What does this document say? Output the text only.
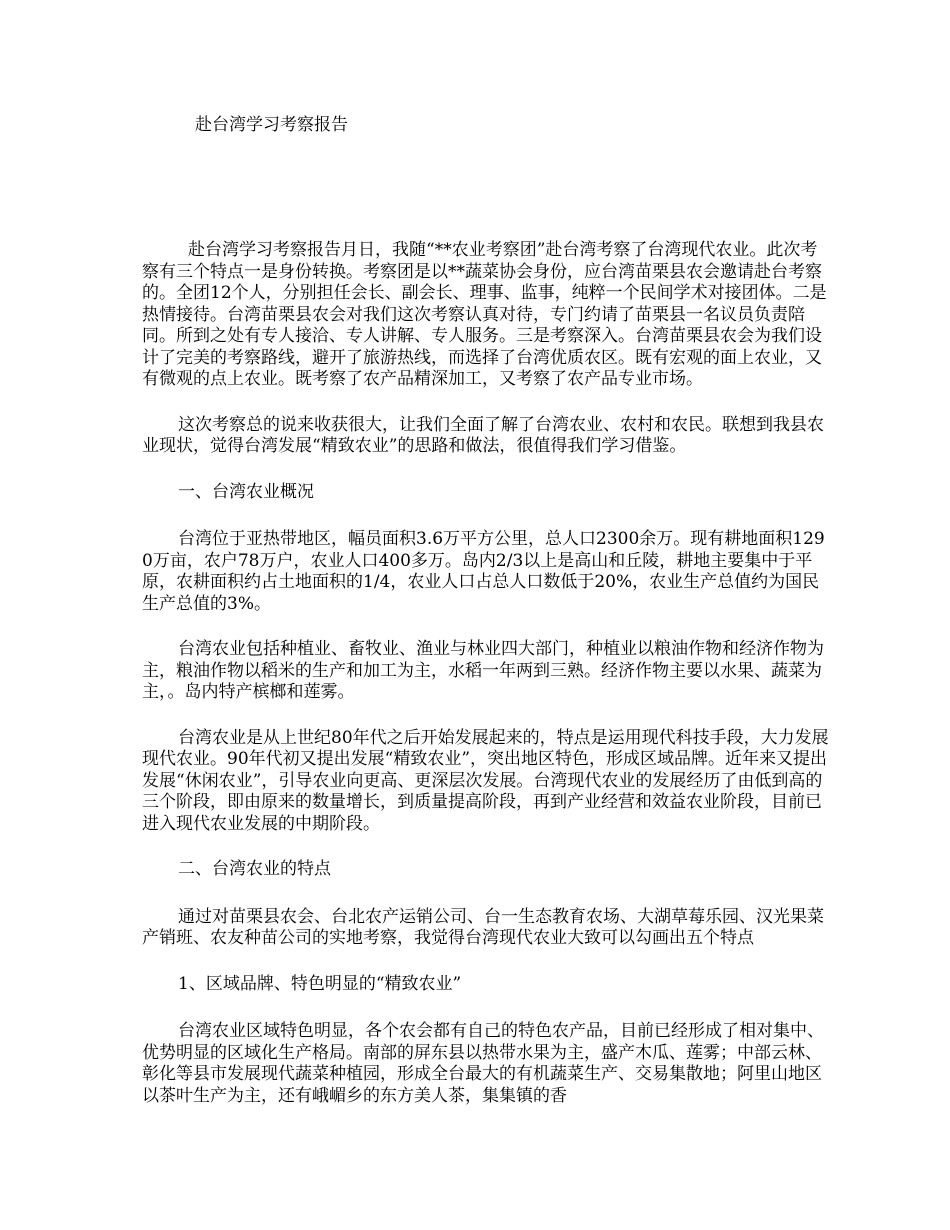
赴台湾学习考察报告

赴台湾学习考察报告月日，我随“**农业考察团”赴台湾考察了台湾现代农业。此次考察有三个特点一是身份转换。考察团是以**蔬菜协会身份，应台湾苗栗县农会邀请赴台考察的。全团12个人，分别担任会长、副会长、理事、监事，纯粹一个民间学术对接团体。二是热情接待。台湾苗栗县农会对我们这次考察认真对待，专门约请了苗栗县一名议员负责陪同。所到之处有专人接洽、专人讲解、专人服务。三是考察深入。台湾苗栗县农会为我们设计了完美的考察路线，避开了旅游热线，而选择了台湾优质农区。既有宏观的面上农业，又有微观的点上农业。既考察了农产品精深加工，又考察了农产品专业市场。

这次考察总的说来收获很大，让我们全面了解了台湾农业、农村和农民。联想到我县农业现状，觉得台湾发展“精致农业”的思路和做法，很值得我们学习借鉴。

一、台湾农业概况

台湾位于亚热带地区，幅员面积3.6万平方公里，总人口2300余万。现有耕地面积1290万亩，农户78万户，农业人口400多万。岛内2/3以上是高山和丘陵，耕地主要集中于平原，农耕面积约占土地面积的1/4，农业人口占总人口数低于20%，农业生产总值约为国民生产总值的3%。

台湾农业包括种植业、畜牧业、渔业与林业四大部门，种植业以粮油作物和经济作物为主，粮油作物以稻米的生产和加工为主，水稻一年两到三熟。经济作物主要以水果、蔬菜为主，。岛内特产槟榔和莲雾。

台湾农业是从上世纪80年代之后开始发展起来的，特点是运用现代科技手段，大力发展现代农业。90年代初又提出发展“精致农业”，突出地区特色，形成区域品牌。近年来又提出发展“休闲农业”，引导农业向更高、更深层次发展。台湾现代农业的发展经历了由低到高的三个阶段，即由原来的数量增长，到质量提高阶段，再到产业经营和效益农业阶段，目前已进入现代农业发展的中期阶段。

二、台湾农业的特点

通过对苗栗县农会、台北农产运销公司、台一生态教育农场、大湖草莓乐园、汉光果菜产销班、农友种苗公司的实地考察，我觉得台湾现代农业大致可以勾画出五个特点

1、区域品牌、特色明显的“精致农业”

台湾农业区域特色明显，各个农会都有自己的特色农产品，目前已经形成了相对集中、优势明显的区域化生产格局。南部的屏东县以热带水果为主，盛产木瓜、莲雾；中部云林、彰化等县市发展现代蔬菜种植园，形成全台最大的有机蔬菜生产、交易集散地；阿里山地区以茶叶生产为主，还有峨嵋乡的东方美人茶，集集镇的香
